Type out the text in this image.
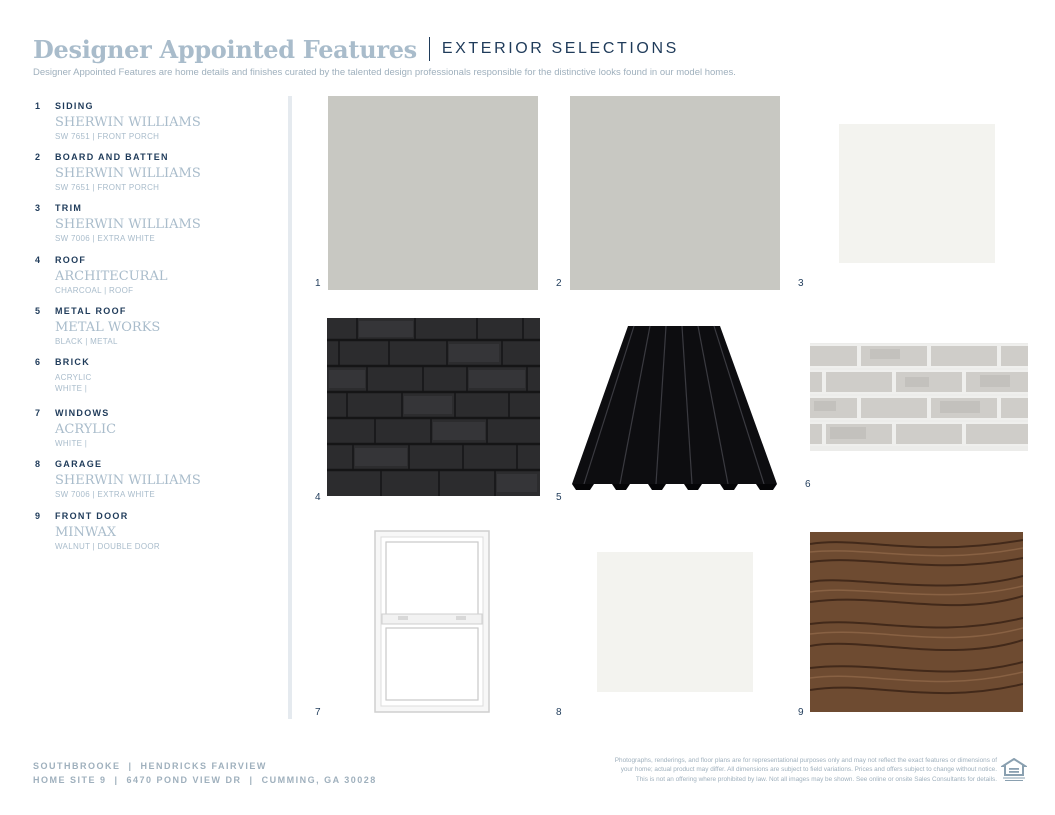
Designer Appointed Features EXTERIOR SELECTIONS
Designer Appointed Features are home details and finishes curated by the talented design professionals responsible for the distinctive looks found in our model homes.
1 SIDING
SHERWIN WILLIAMS
SW 7651 | FRONT PORCH
2 BOARD AND BATTEN
SHERWIN WILLIAMS
SW 7651 | FRONT PORCH
3 TRIM
SHERWIN WILLIAMS
SW 7006 | EXTRA WHITE
4 ROOF
ARCHITECURAL
CHARCOAL | ROOF
5 METAL ROOF
METAL WORKS
BLACK | METAL
6 BRICK
ACRYLIC
WHITE |
7 WINDOWS
ACRYLIC
WHITE |
8 GARAGE
SHERWIN WILLIAMS
SW 7006 | EXTRA WHITE
9 FRONT DOOR
MINWAX
WALNUT | DOUBLE DOOR
1	2	3
4	5
6
7	8	9
SOUTHBROOKE  |  HENDRICKS FAIRVIEW
HOME SITE 9  |  6470 POND VIEW DR  |  CUMMING, GA 30028
Photographs, renderings, and floor plans are for representational purposes only and may not reflect the exact features or dimensions of
your home; actual product may differ. All dimensions are subject to field variations. Prices and offers subject to change without notice.
This is not an offering where prohibited by law. Not all images may be shown. See online or onsite Sales Consultants for details.
